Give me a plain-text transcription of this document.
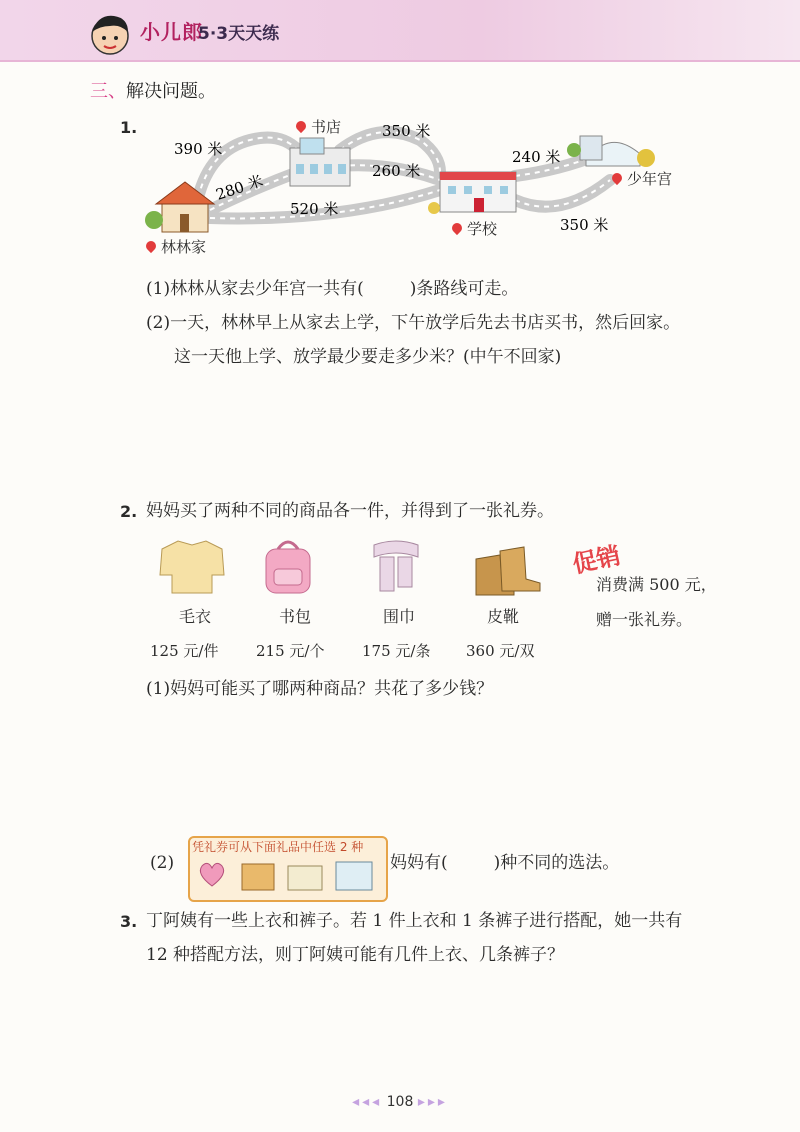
小儿郎
5·3天天练
三、解决问题。
1.
390 米
280 米
350 米
260 米
520 米
240 米
350 米
书店
学校
少年宫
林林家
(1)林林从家去少年宫一共有(	)条路线可走。
(2)一天，林林早上从家去上学，下午放学后先去书店买书，然后回家。
这一天他上学、放学最少要走多少米？(中午不回家)
2. 妈妈买了两种不同的商品各一件，并得到了一张礼券。
毛衣	书包	围巾	皮靴
125 元/件	215 元/个	175 元/条 360 元/双
促销
消费满 500 元，
赠一张礼券。
(1)妈妈可能买了哪两种商品？共花了多少钱？
(2)
凭礼券可从下面礼品中任选 2 种
妈妈有(	)种不同的选法。
3. 丁阿姨有一些上衣和裤子。若 1 件上衣和 1 条裤子进行搭配，她一共有
12 种搭配方法，则丁阿姨可能有几件上衣、几条裤子？
◂◂◂ 108 ▸▸▸
